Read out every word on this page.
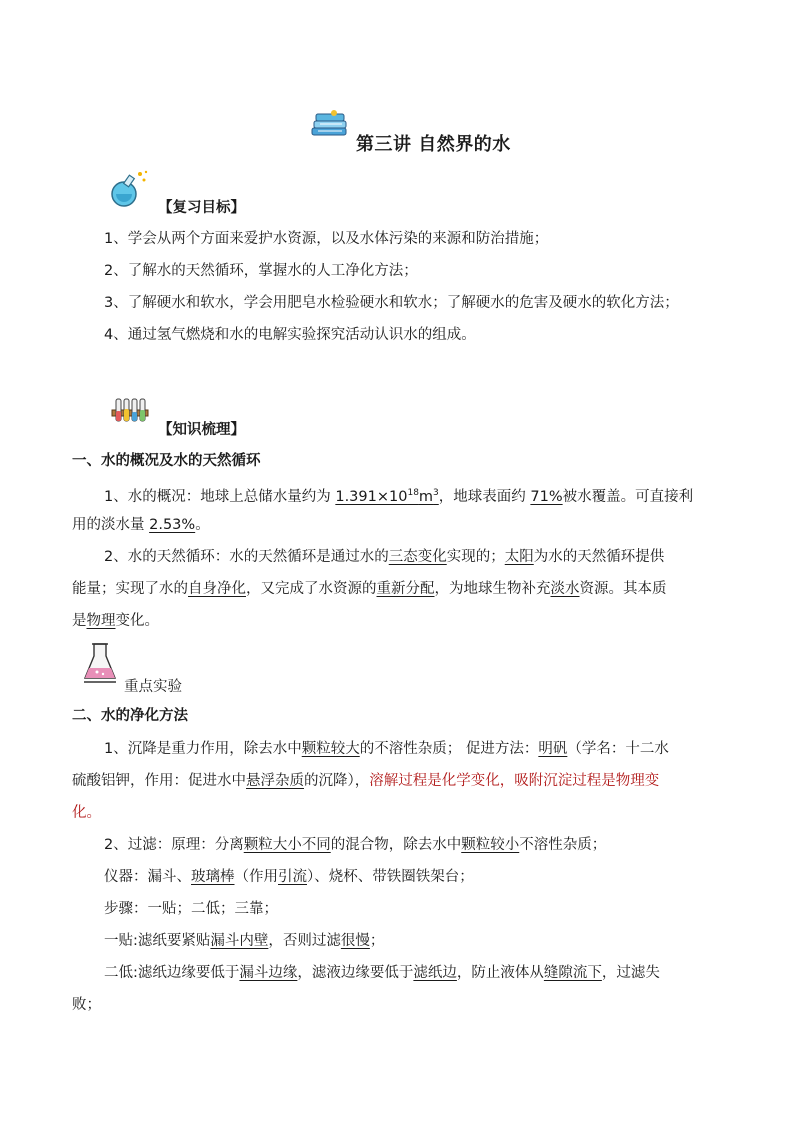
第三讲 自然界的水
【复习目标】
1、学会从两个方面来爱护水资源，以及水体污染的来源和防治措施；
2、了解水的天然循环，掌握水的人工净化方法；
3、了解硬水和软水，学会用肥皂水检验硬水和软水；了解硬水的危害及硬水的软化方法；
4、通过氢气燃烧和水的电解实验探究活动认识水的组成。
【知识梳理】
一、水的概况及水的天然循环
1、水的概况：地球上总储水量约为 $1.391\times 10^{18}m^3$，地球表面约 71%被水覆盖。可直接利
用的淡水量 2.53%。
2、水的天然循环：水的天然循环是通过水的三态变化实现的；太阳为水的天然循环提供
能量；实现了水的自身净化，又完成了水资源的重新分配，为地球生物补充淡水资源。其本质
是物理变化。
重点实验
二、水的净化方法
1、沉降是重力作用，除去水中颗粒较大的不溶性杂质； 促进方法：明矾（学名：十二水
硫酸铝钾，作用：促进水中悬浮杂质的沉降），溶解过程是化学变化，吸附沉淀过程是物理变
化。
2、过滤：原理：分离颗粒大小不同的混合物，除去水中颗粒较小不溶性杂质；
仪器：漏斗、玻璃棒（作用引流）、烧杯、带铁圈铁架台；
步骤：一贴；二低；三靠；
一贴:滤纸要紧贴漏斗内壁，否则过滤很慢；
二低:滤纸边缘要低于漏斗边缘，滤液边缘要低于滤纸边，防止液体从缝隙流下，过滤失
败；
